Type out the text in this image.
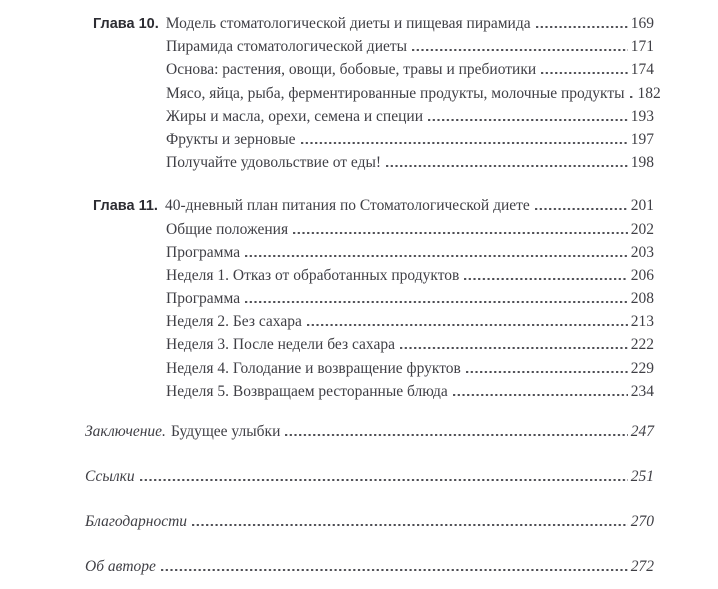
Глава 10. Модель стоматологической диеты и пищевая пирамида	169
Пирамида стоматологической диеты	171
Основа: растения, овощи, бобовые, травы и пребиотики	174
Мясо, яйца, рыба, ферментированные продукты, молочные продукты 182
Жиры и масла, орехи, семена и специи	193
Фрукты и зерновые	197
Получайте удовольствие от еды!	198
Глава 11. 40-дневный план питания по Стоматологической диете	201
Общие положения	202
Программа	203
Неделя 1. Отказ от обработанных продуктов	206
Программа	208
Неделя 2. Без сахара	213
Неделя 3. После недели без сахара	222
Неделя 4. Голодание и возвращение фруктов	229
Неделя 5. Возвращаем ресторанные блюда	234
Заключение. Будущее улыбки	247
Ссылки	251
Благодарности	270
Об авторе	272
